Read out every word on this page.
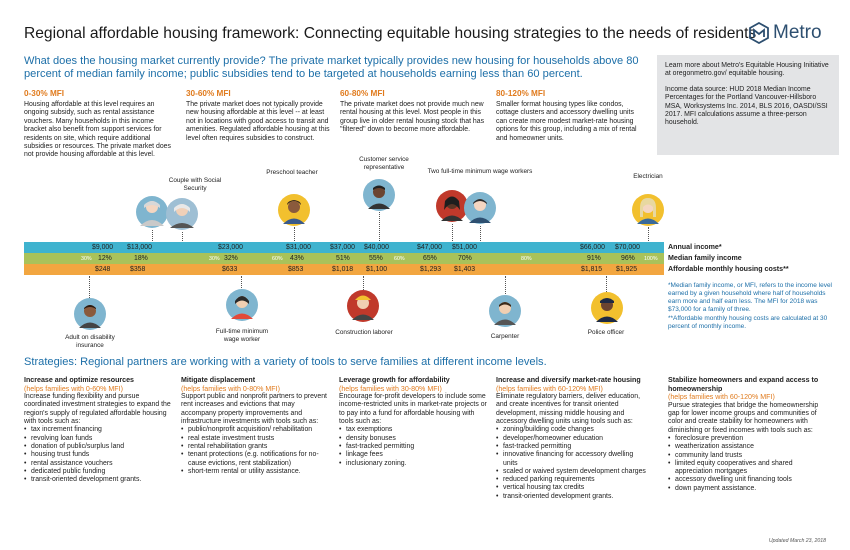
Regional affordable housing framework: Connecting equitable housing strategies to the needs of residents Metro
What does the housing market currently provide? The private market typically provides new housing for households above 80 percent of median family income; public subsidies tend to be targeted at households earning less than 60 percent.
0-30% MFI
Housing affordable at this level requires an ongoing subsidy, such as rental assistance vouchers. Many households in this income bracket also benefit from support services for residents on site, which require additional subsidies or resources. The private market does not provide housing affordable at this level.
30-60% MFI
The private market does not typically provide new housing affordable at this level -- at least not in locations with good access to transit and amenities. Regulated affordable housing at this level often requires subsidies to construct.
60-80% MFI
The private market does not provide much new rental housing at this level. Most people in this group live in older rental housing stock that has "filtered" down to become more affordable.
80-120% MFI
Smaller format housing types like condos, cottage clusters and accessory dwelling units can create more modest market-rate housing options for this group, including a mix of rental and homeowner units.

Learn more about Metro's Equitable Housing Initiative at oregonmetro.gov/ equitable housing.

Income data source: HUD 2018 Median Income Percentages for the Portland Vancouver-Hillsboro MSA, Worksystems Inc. 2014, BLS 2016, OASDI/SSI 2017. MFI calculations assume a three-person household.

Couple with Social Security
Preschool teacher
Customer service representative
Two full-time minimum wage workers
Electrician
$9,000 $13,000	$23,000	$31,000	$37,000 $40,000	$47,000 $51,000	$66,000 $70,000
30% 12%	18%	30% 32%	60% 43%	51%	55% 60%	65%	70%	80%	91%	96% 100%
$248	$358	$633	$853	$1,018 $1,100	$1,293 $1,403	$1,815 $1,925
Annual income*
Median family income
Affordable monthly housing costs**
Adult on disability insurance
Full-time minimum wage worker
Construction laborer
Carpenter
Police officer

*Median family income, or MFI, refers to the income level earned by a given household where half of households earn more and half earn less. The MFI for 2018 was $73,000 for a family of three.

**Affordable monthly housing costs are calculated at 30 percent of monthly income.

Strategies: Regional partners are working with a variety of tools to serve families at different income levels.
Increase and optimize resources
(helps families with 0-60% MFI)
Increase funding flexibility and pursue coordinated investment strategies to expand the region's supply of regulated affordable housing with tools such as:
• tax increment financing
• revolving loan funds
• donation of public/surplus land
• housing trust funds
• rental assistance vouchers
• dedicated public funding
• transit-oriented development grants.
Mitigate displacement
(helps families with 0-80% MFI)
Support public and nonprofit partners to prevent rent increases and evictions that may accompany property improvements and infrastructure investments with tools such as:
• public/nonprofit acquisition/ rehabilitation
• real estate investment trusts
• rental rehabilitation grants
• tenant protections (e.g. notifications for no-cause evictions, rent stabilization)
• short-term rental or utility assistance.
Leverage growth for affordability
(helps families with 30-80% MFI)
Encourage for-profit developers to include some income-restricted units in market-rate projects or to pay into a fund for affordable housing with tools such as:
• tax exemptions
• density bonuses
• fast-tracked permitting
• linkage fees
• inclusionary zoning.
Increase and diversify market-rate housing
(helps families with 60-120% MFI)
Eliminate regulatory barriers, deliver education, and create incentives for transit oriented development, missing middle housing and accessory dwelling units using tools such as:
• zoning/building code changes
• developer/homeowner education
• fast-tracked permitting
• innovative financing for accessory dwelling units
• scaled or waived system development charges
• reduced parking requirements
• vertical housing tax credits
• transit-oriented development grants.
Stabilize homeowners and expand access to homeownership
(helps families with 60-120% MFI)
Pursue strategies that bridge the homeownership gap for lower income groups and communities of color and create stability for homeowners with diminishing or fixed incomes with tools such as:
• foreclosure prevention
• weatherization assistance
• community land trusts
• limited equity cooperatives and shared appreciation mortgages
• accessory dwelling unit financing tools
• down payment assistance.
Updated March 23, 2018
